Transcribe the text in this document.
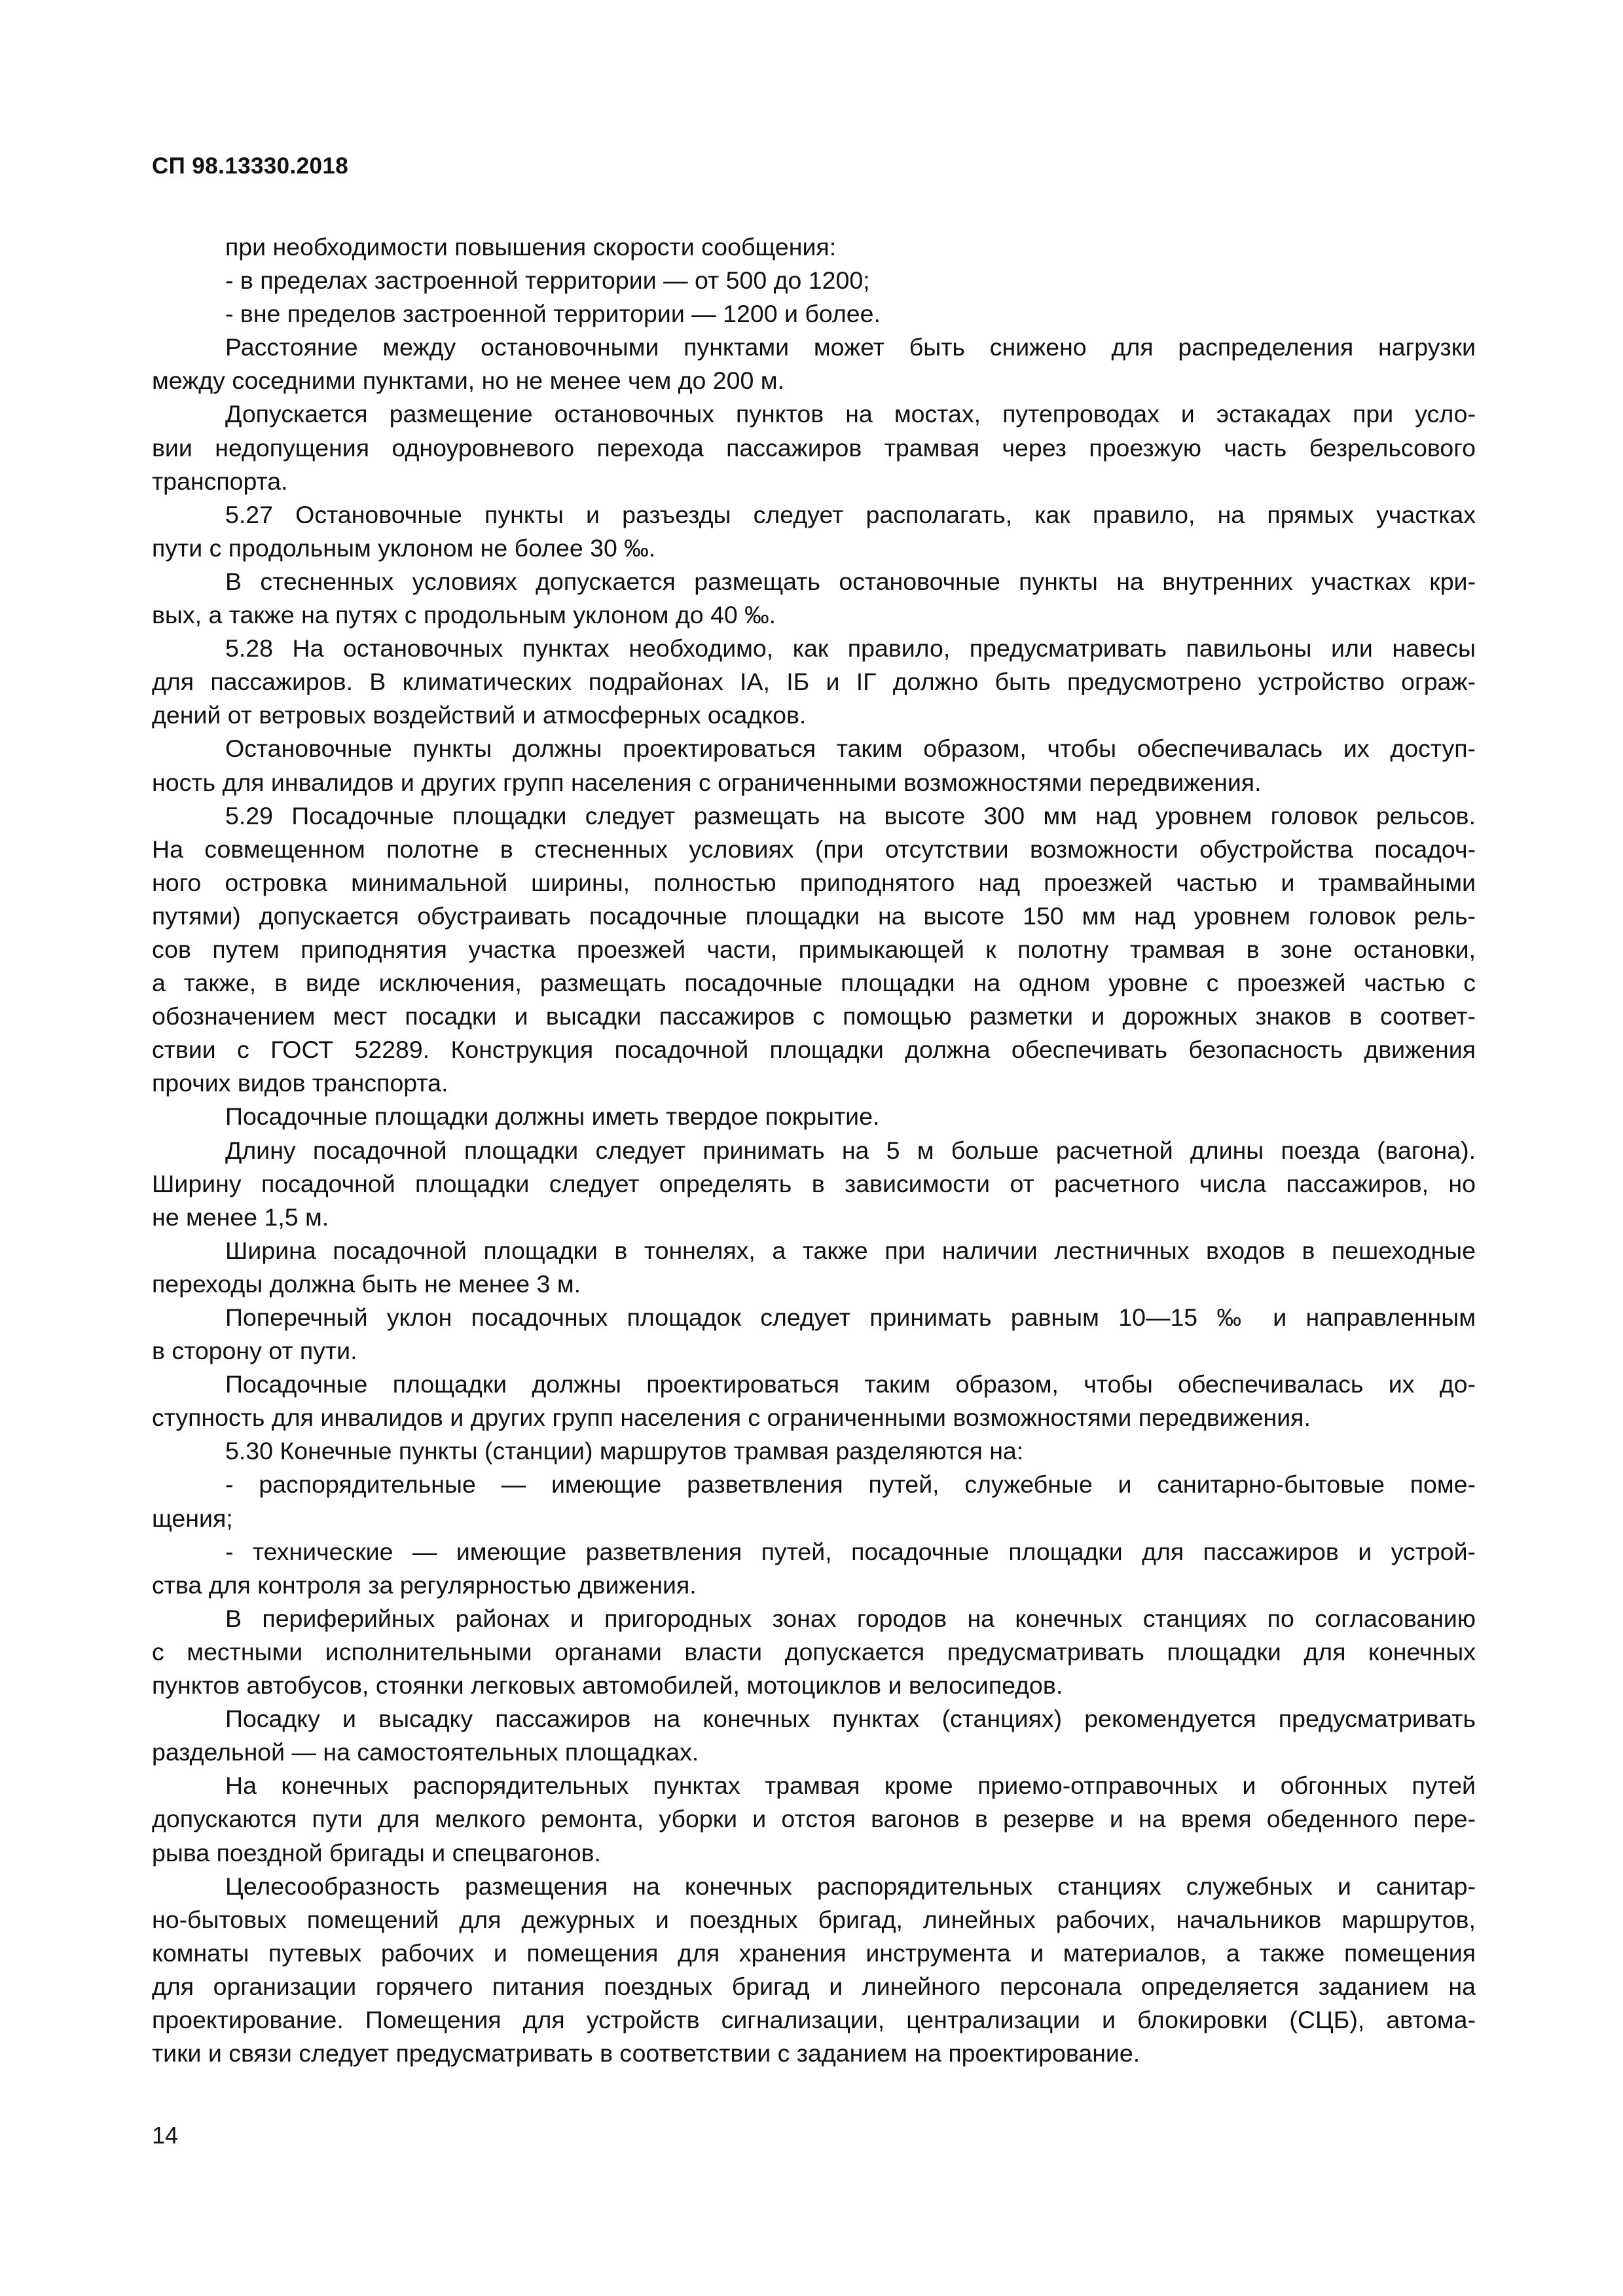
СП 98.13330.2018
при необходимости повышения скорости сообщения:
- в пределах застроенной территории — от 500 до 1200;
- вне пределов застроенной территории — 1200 и более.
Расстояние между остановочными пунктами может быть снижено для распределения нагрузки
между соседними пунктами, но не менее чем до 200 м.
Допускается размещение остановочных пунктов на мостах, путепроводах и эстакадах при усло-
вии недопущения одноуровневого перехода пассажиров трамвая через проезжую часть безрельсового
транспорта.
5.27 Остановочные пункты и разъезды следует располагать, как правило, на прямых участках
пути с продольным уклоном не более 30 ‰.
В стесненных условиях допускается размещать остановочные пункты на внутренних участках кри-
вых, а также на путях с продольным уклоном до 40 ‰.
5.28 На остановочных пунктах необходимо, как правило, предусматривать павильоны или навесы
для пассажиров. В климатических подрайонах IA, IБ и IГ должно быть предусмотрено устройство ограж-
дений от ветровых воздействий и атмосферных осадков.
Остановочные пункты должны проектироваться таким образом, чтобы обеспечивалась их доступ-
ность для инвалидов и других групп населения с ограниченными возможностями передвижения.
5.29 Посадочные площадки следует размещать на высоте 300 мм над уровнем головок рельсов.
На совмещенном полотне в стесненных условиях (при отсутствии возможности обустройства посадоч-
ного островка минимальной ширины, полностью приподнятого над проезжей частью и трамвайными
путями) допускается обустраивать посадочные площадки на высоте 150 мм над уровнем головок рель-
сов путем приподнятия участка проезжей части, примыкающей к полотну трамвая в зоне остановки,
а также, в виде исключения, размещать посадочные площадки на одном уровне с проезжей частью с
обозначением мест посадки и высадки пассажиров с помощью разметки и дорожных знаков в соответ-
ствии с ГОСТ 52289. Конструкция посадочной площадки должна обеспечивать безопасность движения
прочих видов транспорта.
Посадочные площадки должны иметь твердое покрытие.
Длину посадочной площадки следует принимать на 5 м больше расчетной длины поезда (вагона).
Ширину посадочной площадки следует определять в зависимости от расчетного числа пассажиров, но
не менее 1,5 м.
Ширина посадочной площадки в тоннелях, а также при наличии лестничных входов в пешеходные
переходы должна быть не менее 3 м.
Поперечный уклон посадочных площадок следует принимать равным 10—15 ‰ и направленным
в сторону от пути.
Посадочные площадки должны проектироваться таким образом, чтобы обеспечивалась их до-
ступность для инвалидов и других групп населения с ограниченными возможностями передвижения.
5.30 Конечные пункты (станции) маршрутов трамвая разделяются на:
- распорядительные — имеющие разветвления путей, служебные и санитарно-бытовые поме-
щения;
- технические — имеющие разветвления путей, посадочные площадки для пассажиров и устрой-
ства для контроля за регулярностью движения.
В периферийных районах и пригородных зонах городов на конечных станциях по согласованию
с местными исполнительными органами власти допускается предусматривать площадки для конечных
пунктов автобусов, стоянки легковых автомобилей, мотоциклов и велосипедов.
Посадку и высадку пассажиров на конечных пунктах (станциях) рекомендуется предусматривать
раздельной — на самостоятельных площадках.
На конечных распорядительных пунктах трамвая кроме приемо-отправочных и обгонных путей
допускаются пути для мелкого ремонта, уборки и отстоя вагонов в резерве и на время обеденного пере-
рыва поездной бригады и спецвагонов.
Целесообразность размещения на конечных распорядительных станциях служебных и санитар-
но-бытовых помещений для дежурных и поездных бригад, линейных рабочих, начальников маршрутов,
комнаты путевых рабочих и помещения для хранения инструмента и материалов, а также помещения
для организации горячего питания поездных бригад и линейного персонала определяется заданием на
проектирование. Помещения для устройств сигнализации, централизации и блокировки (СЦБ), автома-
тики и связи следует предусматривать в соответствии с заданием на проектирование.
14
